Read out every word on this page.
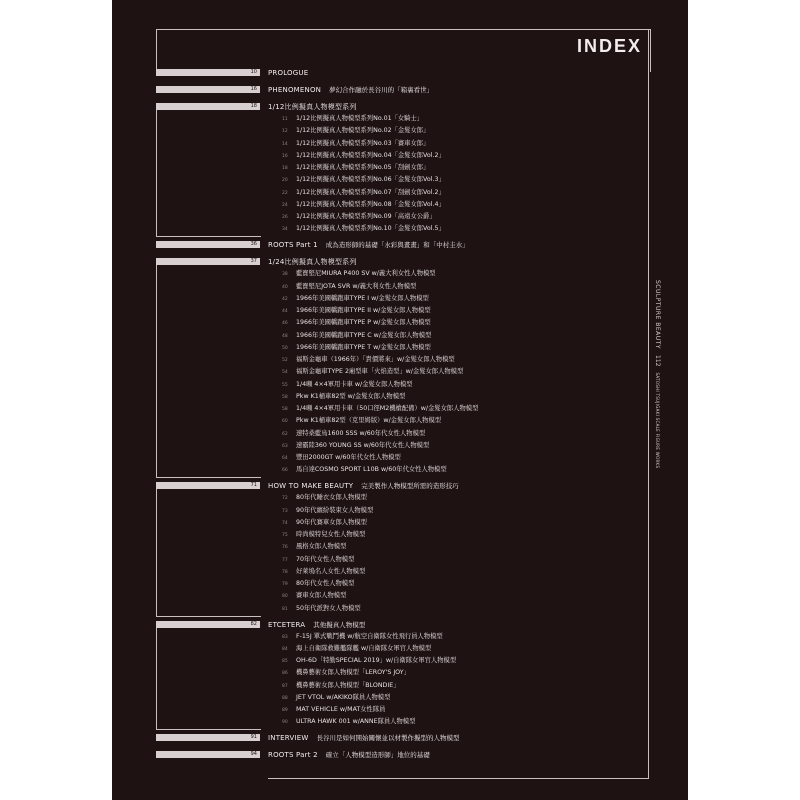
INDEX
SCULPTURE BEAUTY112SATOSHI TSUJIGAKI SCALE FIGURE WORKS
10	PROLOGUE
16	PHENOMENON 夢幻合作融於長谷川的「箱裏看世」
18	1/12比例擬真人物模型系列
11 1/12比例擬真人物模型系列No.01「女騎士」
12 1/12比例擬真人物模型系列No.02「金髮女郎」
14 1/12比例擬真人物模型系列No.03「賽車女郎」
16 1/12比例擬真人物模型系列No.04「金髮女郎Vol.2」
18 1/12比例擬真人物模型系列No.05「刮劍女郎」
20 1/12比例擬真人物模型系列No.06「金髮女郎Vol.3」
22 1/12比例擬真人物模型系列No.07「刮劍女郎Vol.2」
24 1/12比例擬真人物模型系列No.08「金髮女郎Vol.4」
26 1/12比例擬真人物模型系列No.09「高遠女公爵」
34 1/12比例擬真人物模型系列No.10「金髮女郎Vol.5」
36	ROOTS Part 1 成為造形師的基礎「水彩與畫畫」和「中村圭水」
37	1/24比例擬真人物模型系列
38 藍寶堅尼MIURA P400 SV w/義大利女性人物模型
40 藍寶堅尼JOTA SVR w/義大利女性人物模型
42 1966年美國轎跑車TYPE I w/金髮女郎人物模型
44 1966年美國轎跑車TYPE II w/金髮女郎人物模型
46 1966年美國轎跑車TYPE P w/金髮女郎人物模型
48 1966年美國轎跑車TYPE C w/金髮女郎人物模型
50 1966年美國轎跑車TYPE T w/金髮女郎人物模型
52 福斯金龜車（1966年）「貴價將來」w/金髮女郎人物模型
54 福斯金龜車TYPE 2廂型車「火焰造型」w/金髮女郎人物模型
55 1/4噸 4×4軍用卡車 w/金髮女郎人物模型
58 Pkw K1桶車82型 w/金髮女郎人物模型
58 1/4噸 4×4軍用卡車（50口徑M2機槍配備）w/金髮女郎人物模型
60 Pkw K1桶車82型（克里姆版）w/金髮女郎人物模型
62 速特桑藍鳥1600 SSS w/60年代女性人物模型
63 速霸陸360 YOUNG SS w/60年代女性人物模型
64 豐田2000GT w/60年代女性人物模型
66 馬自達COSMO SPORT L10B w/60年代女性人物模型
71	HOW TO MAKE BEAUTY 完美製作人物模型所需的造形技巧
72 80年代睡衣女郎人物模型
73 90年代繽紛裝束女人物模型
74 90年代賽車女郎人物模型
75 時尚模特兒女性人物模型
76 風格女郎人物模型
77 70年代女性人物模型
78 好萊塢名人女性人物模型
79 80年代女性人物模型
80 賽車女郎人物模型
81 50年代派對女人物模型
82	ETCETERA 其他擬真人物模型
83 F-15J 單式戰鬥機 w/航空自衛隊女性飛行員人物模型
84 海上自衛隊救難艦隊艦 w/自衛隊女軍官人物模型
85 OH-6D「特勤SPECIAL 2019」w/自衛隊女軍官人物模型
86 機鼻藝術女郎人物模型「LEROY'S JOY」
87 機鼻藝術女郎人物模型「BLONDIE」
88 JET VTOL w/AKIKO隊員人物模型
89 MAT VEHICLE w/MAT女性隊員
90 ULTRA HAWK 001 w/ANNE隊員人物模型
91	INTERVIEW 長谷川是如何開始關懷並以材製作擬型的人物模型
94	ROOTS Part 2 確立「人物模型造形師」地位的基礎
